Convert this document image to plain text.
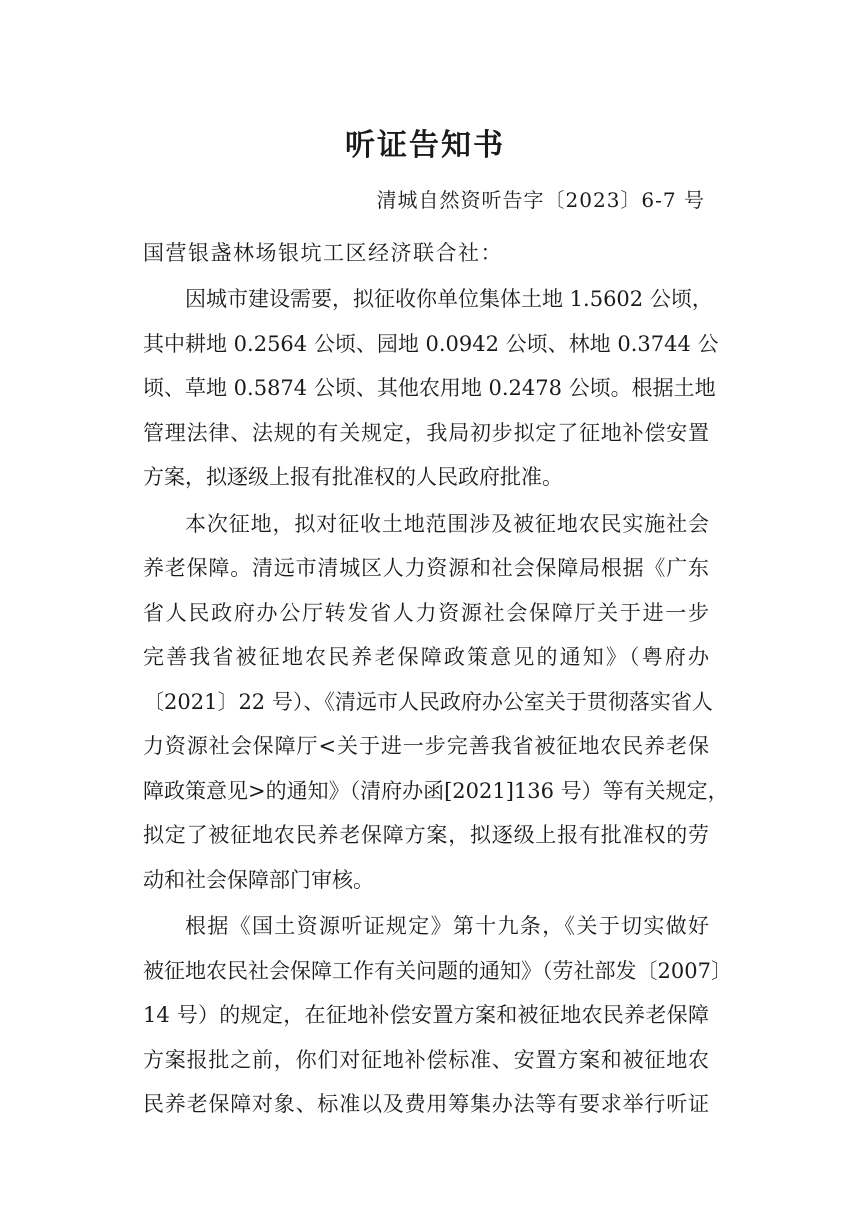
听证告知书
清城自然资听告字〔2023〕6-7 号
国营银盏林场银坑工区经济联合社：
因城市建设需要，拟征收你单位集体土地 1.5602 公顷，
其中耕地 0.2564 公顷、园地 0.0942 公顷、林地 0.3744 公
顷、草地 0.5874 公顷、其他农用地 0.2478 公顷。根据土地
管理法律、法规的有关规定，我局初步拟定了征地补偿安置
方案，拟逐级上报有批准权的人民政府批准。
本次征地，拟对征收土地范围涉及被征地农民实施社会
养老保障。清远市清城区人力资源和社会保障局根据《广东
省人民政府办公厅转发省人力资源社会保障厅关于进一步
完善我省被征地农民养老保障政策意见的通知》（粤府办
〔2021〕22 号）、《清远市人民政府办公室关于贯彻落实省人
力资源社会保障厅<关于进一步完善我省被征地农民养老保
障政策意见>的通知》（清府办函[2021]136 号）等有关规定，
拟定了被征地农民养老保障方案，拟逐级上报有批准权的劳
动和社会保障部门审核。
根据《国土资源听证规定》第十九条，《关于切实做好
被征地农民社会保障工作有关问题的通知》（劳社部发〔2007〕
14 号）的规定，在征地补偿安置方案和被征地农民养老保障
方案报批之前，你们对征地补偿标准、安置方案和被征地农
民养老保障对象、标准以及费用筹集办法等有要求举行听证
